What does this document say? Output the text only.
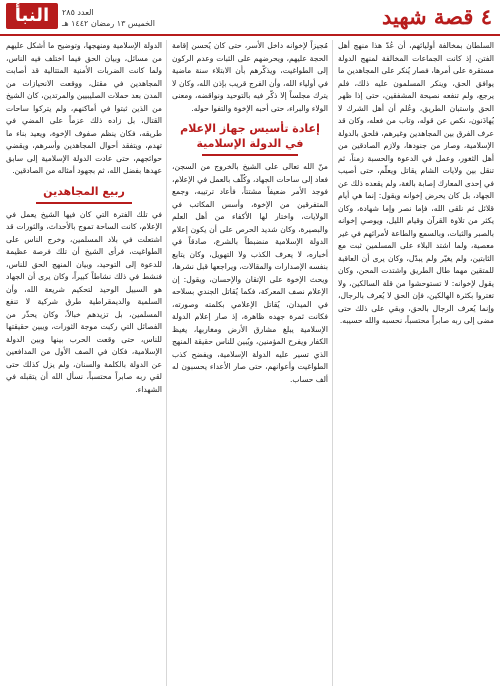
٤ قصة شهيد
العدد ٢٨٥
الخميس ١٣ رمضان ١٤٤٢ هـ
النبأ

السلطان بمخالفة أوليائهم، أن عُدّ هذا منهج أهل الفتن، إذ كانت الجماعات المخالفة لمنهج الدولة مستقرة على أمرها، فصار يُنكر على المجاهدين ما يوافق الحق، وينكر المسلمون عليه ذلك، فلم يرجع، ولم تنفعه نصيحة المشفقين، حتى إذا ظهر الحق واستبان الطريق، وعُلم أن أهل الشرك لا يُهادَنون، نكص عن قوله، وتاب من فعله، وكان قد عرف الفرق بين المجاهدين وغيرهم، فلحق بالدولة الإسلامية، وصار من جنودها، ولازم الصادقين من أهل الثغور، وعمل في الدعوة والحسبة زمناً، ثم تنقل بين ولايات الشام يقاتل ويعلّم، حتى أصيب في إحدى المعارك إصابة بالغة، ولم يقعده ذلك عن الجهاد، بل كان يحرض إخوانه ويقول: إنما هي أيام قلائل ثم نلقى الله، فإما نصر وإما شهادة، وكان يكثر من تلاوة القرآن وقيام الليل، ويوصي إخوانه بالصبر والثبات، وبالسمع والطاعة لأمرائهم في غير معصية، ولما اشتد البلاء على المسلمين ثبت مع الثابتين، ولم يغيّر ولم يبدّل، وكان يرى أن العاقبة للمتقين مهما طال الطريق واشتدت المحن، وكان يقول لإخوانه: لا تستوحشوا من قلة السالكين، ولا تغتروا بكثرة الهالكين، فإن الحق لا يُعرف بالرجال، وإنما يُعرف الرجال بالحق، وبقي على ذلك حتى مضى إلى ربه صابراً محتسباً، نحسبه والله حسيبه.

مُجيزاً لإخوانه داخل الأسر، حتى كان يُحسن إقامة الحجة عليهم، ويحرضهم على الثبات وعدم الركون إلى الطواغيت، ويذكّرهم بأن الابتلاء سنة ماضية في أولياء الله، وأن الفرج قريب بإذن الله، وكان لا يترك مجلساً إلا ذكّر فيه بالتوحيد ونواقضه، ومعنى الولاء والبراء، حتى أحبه الإخوة والتفوا حوله.

إعادة تأسيس جهاز الإعلام في الدولة الإسلامية

منّ الله تعالى على الشيخ بالخروج من السجن، فعاد إلى ساحات الجهاد، وكُلّف بالعمل في الإعلام، فوجد الأمر ضعيفاً مشتتاً، فأعاد ترتيبه، وجمع المتفرقين من الإخوة، وأسس المكاتب في الولايات، واختار لها الأكفاء من أهل العلم والبصيرة، وكان شديد الحرص على أن يكون إعلام الدولة الإسلامية منضبطاً بالشرع، صادقاً في أخباره، لا يعرف الكذب ولا التهويل، وكان يتابع بنفسه الإصدارات والمقالات، ويراجعها قبل نشرها، ويحث الإخوة على الإتقان والإحسان، ويقول: إن الإعلام نصف المعركة، فكما يُقاتل الجندي بسلاحه في الميدان، يُقاتل الإعلامي بكلمته وصورته، فكانت ثمرة جهده ظاهرة، إذ صار إعلام الدولة الإسلامية يبلغ مشارق الأرض ومغاربها، يغيظ الكفار ويفرح المؤمنين، ويُبين للناس حقيقة المنهج الذي تسير عليه الدولة الإسلامية، ويفضح كذب الطواغيت وأعوانهم، حتى صار الأعداء يحسبون له ألف حساب.

الدولة الإسلامية ومنهجها، وتوضيح ما أشكل عليهم من مسائل، وبيان الحق فيما اختلف فيه الناس، ولما كانت الضربات الأمنية المتتالية قد أصابت المجاهدين في مقتل، ووقعت الانحيازات من المدن بعد حملات الصليبيين والمرتدين، كان الشيخ من الذين ثبتوا في أماكنهم، ولم يتركوا ساحات القتال، بل زاده ذلك عزماً على المضي في طريقه، فكان ينظم صفوف الإخوة، ويعيد بناء ما تهدم، ويتفقد أحوال المجاهدين وأسرهم، ويقضي حوائجهم، حتى عادت الدولة الإسلامية إلى سابق عهدها بفضل الله، ثم بجهود أمثاله من الصادقين.

ربيع المجاهدين

في تلك الفترة التي كان فيها الشيخ يعمل في الإعلام، كانت الساحة تموج بالأحداث، والثورات قد اشتعلت في بلاد المسلمين، وخرج الناس على الطواغيت، فرأى الشيخ أن تلك فرصة عظيمة للدعوة إلى التوحيد، وبيان المنهج الحق للناس، فنشط في ذلك نشاطاً كبيراً، وكان يرى أن الجهاد هو السبيل الوحيد لتحكيم شريعة الله، وأن السلمية والديمقراطية طرق شركية لا تنفع المسلمين، بل تزيدهم خبالاً، وكان يحذّر من الفصائل التي ركبت موجة الثورات، ويبين حقيقتها للناس، حتى وقعت الحرب بينها وبين الدولة الإسلامية، فكان في الصف الأول من المدافعين عن الدولة بالكلمة والسنان، ولم يزل كذلك حتى لقي ربه صابراً محتسباً، نسأل الله أن يتقبله في الشهداء.
